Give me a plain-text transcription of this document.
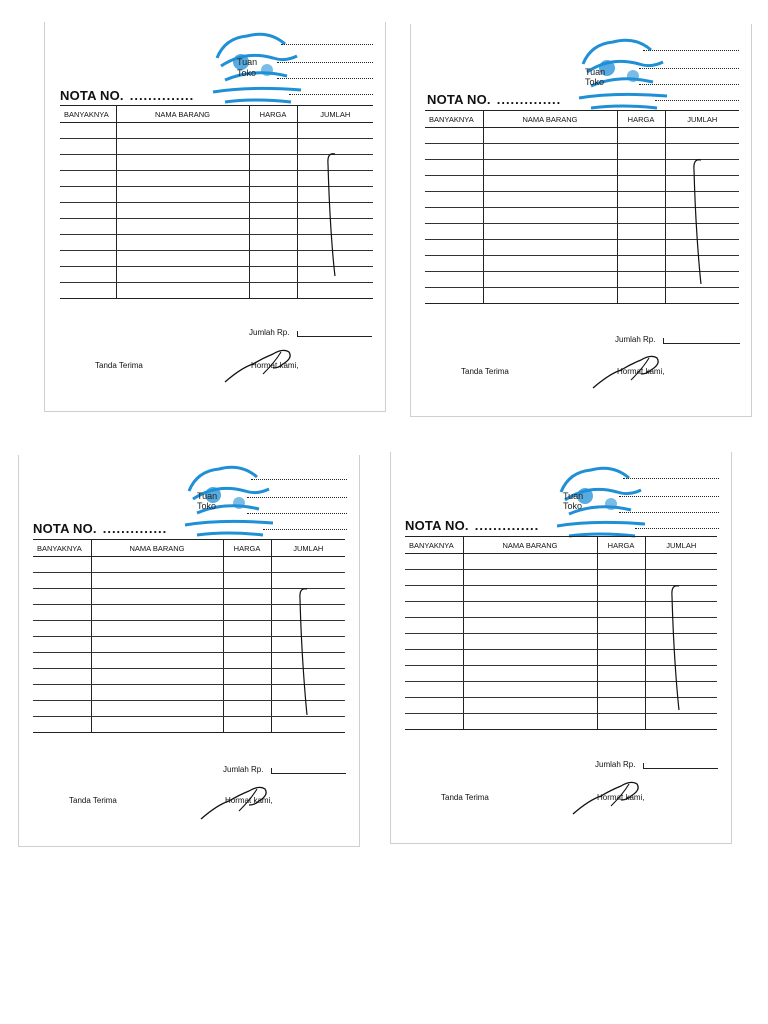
Tuan
Toko
NOTA NO. ..............
BANYAKNYA	NAMA BARANG	HARGA	JUMLAH

Jumlah Rp.
Tanda Terima	Hormat kami,
Tuan
Toko
NOTA NO. ..............
BANYAKNYA	NAMA BARANG	HARGA	JUMLAH

Jumlah Rp.
Tanda Terima	Hormat kami,
Tuan
Toko
NOTA NO. ..............
BANYAKNYA	NAMA BARANG	HARGA	JUMLAH

Jumlah Rp.
Tanda Terima	Hormat kami,
Tuan
Toko
NOTA NO. ..............
BANYAKNYA	NAMA BARANG	HARGA	JUMLAH

Jumlah Rp.
Tanda Terima	Hormat kami,
